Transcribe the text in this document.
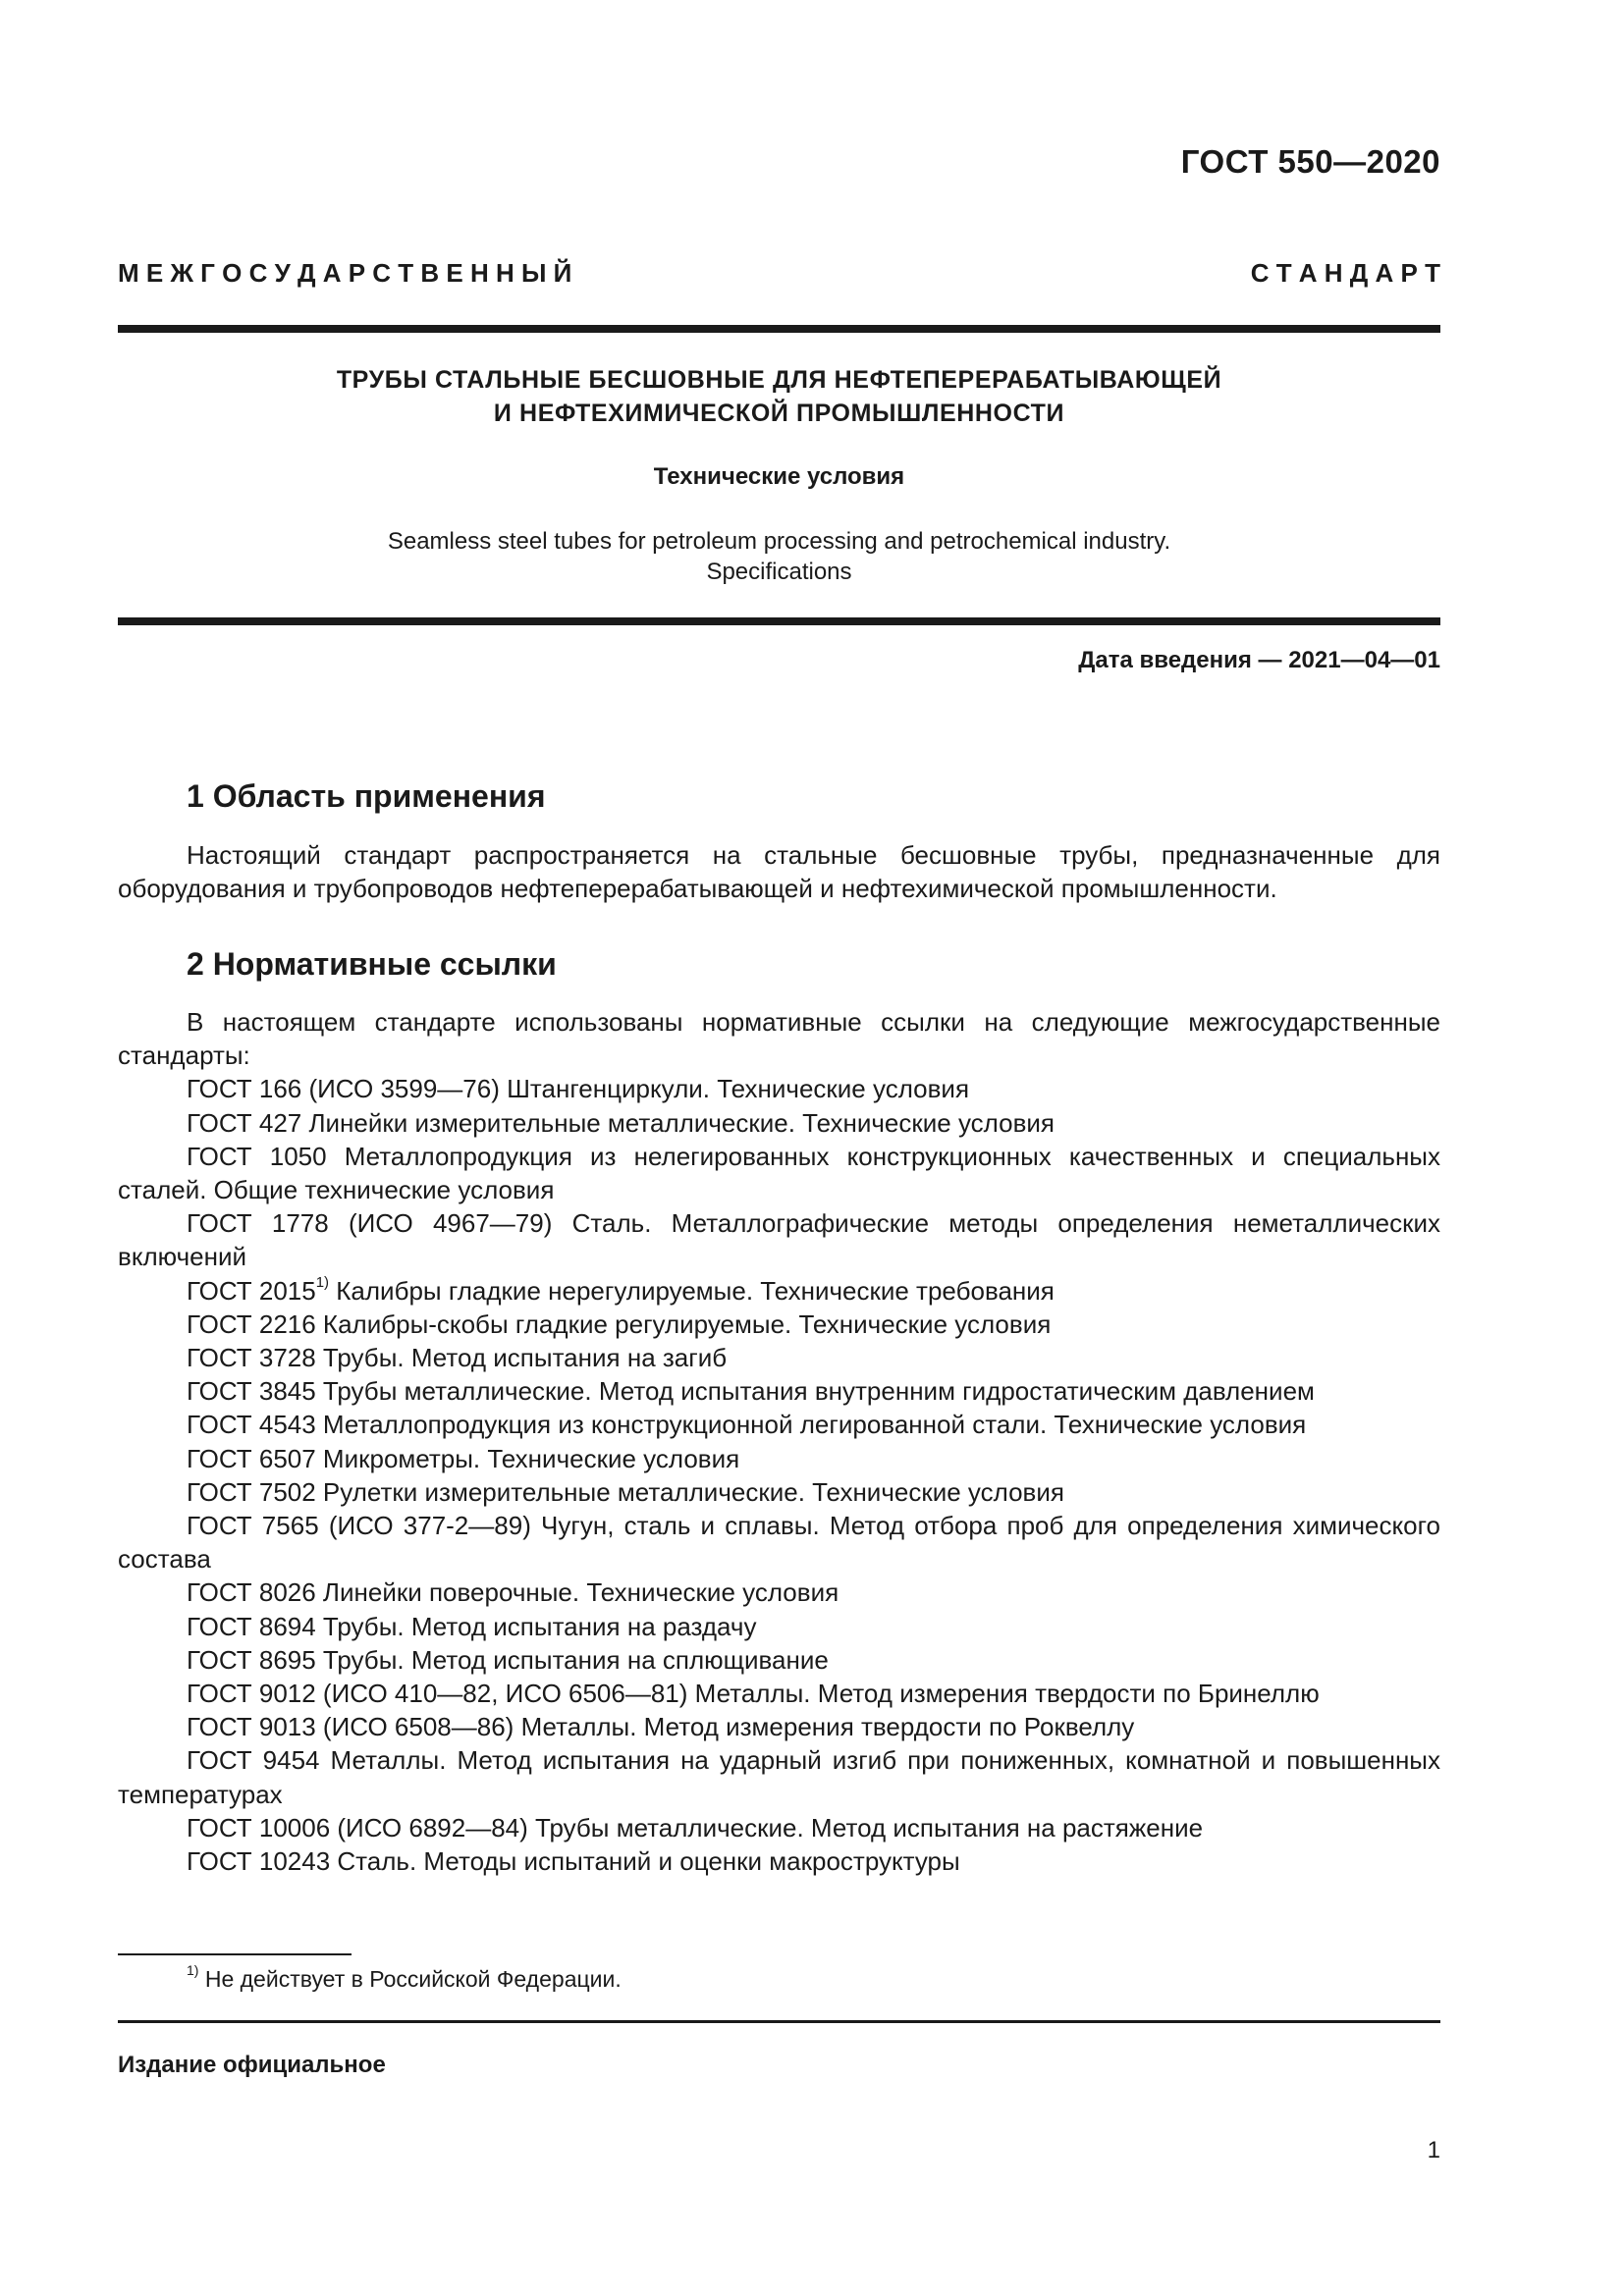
ГОСТ 550—2020
М Е Ж Г О С У Д А Р С Т В Е Н Н Ы Й	С Т А Н Д А Р Т
ТРУБЫ СТАЛЬНЫЕ БЕСШОВНЫЕ ДЛЯ НЕФТЕПЕРЕРАБАТЫВАЮЩЕЙ
И НЕФТЕХИМИЧЕСКОЙ ПРОМЫШЛЕННОСТИ
Технические условия
Seamless steel tubes for petroleum processing and petrochemical industry.
Specifications
Дата введения — 2021—04—01
1 Область применения

Настоящий стандарт распространяется на стальные бесшовные трубы, предназначенные для оборудования и трубопроводов нефтеперерабатывающей и нефтехимической промышленности.

2 Нормативные ссылки

В настоящем стандарте использованы нормативные ссылки на следующие межгосударственные стандарты:

ГОСТ 166 (ИСО 3599—76) Штангенциркули. Технические условия

ГОСТ 427 Линейки измерительные металлические. Технические условия

ГОСТ 1050 Металлопродукция из нелегированных конструкционных качественных и специальных сталей. Общие технические условия

ГОСТ 1778 (ИСО 4967—79) Сталь. Металлографические методы определения неметаллических включений

ГОСТ 2015$^{1)}$ Калибры гладкие нерегулируемые. Технические требования

ГОСТ 2216 Калибры-скобы гладкие регулируемые. Технические условия

ГОСТ 3728 Трубы. Метод испытания на загиб

ГОСТ 3845 Трубы металлические. Метод испытания внутренним гидростатическим давлением

ГОСТ 4543 Металлопродукция из конструкционной легированной стали. Технические условия

ГОСТ 6507 Микрометры. Технические условия

ГОСТ 7502 Рулетки измерительные металлические. Технические условия

ГОСТ 7565 (ИСО 377-2—89) Чугун, сталь и сплавы. Метод отбора проб для определения химического состава

ГОСТ 8026 Линейки поверочные. Технические условия

ГОСТ 8694 Трубы. Метод испытания на раздачу

ГОСТ 8695 Трубы. Метод испытания на сплющивание

ГОСТ 9012 (ИСО 410—82, ИСО 6506—81) Металлы. Метод измерения твердости по Бринеллю

ГОСТ 9013 (ИСО 6508—86) Металлы. Метод измерения твердости по Роквеллу

ГОСТ 9454 Металлы. Метод испытания на ударный изгиб при пониженных, комнатной и повышенных температурах

ГОСТ 10006 (ИСО 6892—84) Трубы металлические. Метод испытания на растяжение

ГОСТ 10243 Сталь. Методы испытаний и оценки макроструктуры

$^{1)}$ Не действует в Российской Федерации.
Издание официальное
1
